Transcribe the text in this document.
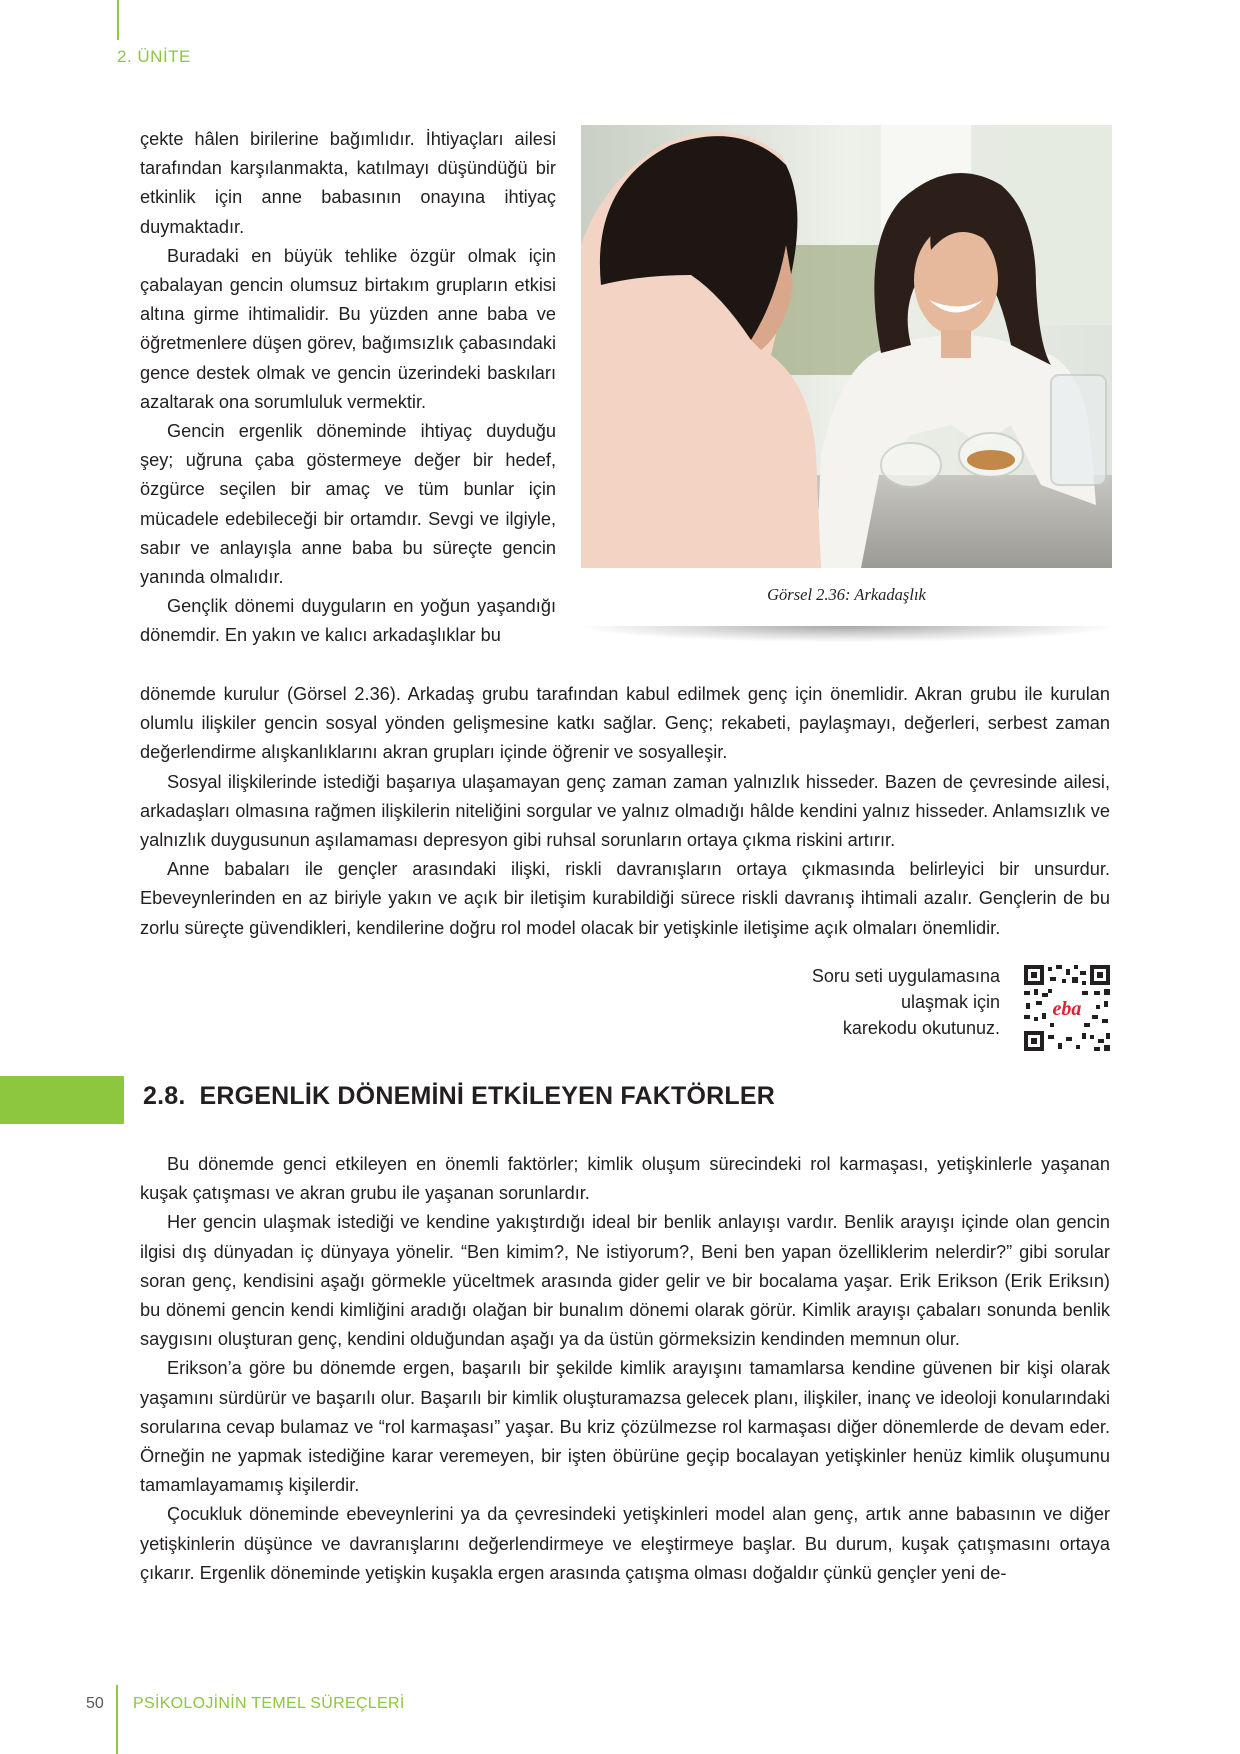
2. ÜNİTE

çekte hâlen birilerine bağımlıdır. İhtiyaçları ailesi tarafından karşılanmakta, katılmayı düşündüğü bir etkinlik için anne babasının onayına ihtiyaç duymaktadır.

Buradaki en büyük tehlike özgür olmak için çabalayan gencin olumsuz birtakım grupların etkisi altına girme ihtimalidir. Bu yüzden anne baba ve öğretmenlere düşen görev, bağımsızlık çabasındaki gence destek olmak ve gencin üzerindeki baskıları azaltarak ona sorumluluk vermektir.

Gencin ergenlik döneminde ihtiyaç duyduğu şey; uğruna çaba göstermeye değer bir hedef, özgürce seçilen bir amaç ve tüm bunlar için mücadele edebileceği bir ortamdır. Sevgi ve ilgiyle, sabır ve anlayışla anne baba bu süreçte gencin yanında olmalıdır.

Gençlik dönemi duyguların en yoğun yaşandığı dönemdir. En yakın ve kalıcı arkadaşlıklar bu

Görsel 2.36: Arkadaşlık

dönemde kurulur (Görsel 2.36). Arkadaş grubu tarafından kabul edilmek genç için önemlidir. Akran grubu ile kurulan olumlu ilişkiler gencin sosyal yönden gelişmesine katkı sağlar. Genç; rekabeti, paylaşmayı, değerleri, serbest zaman değerlendirme alışkanlıklarını akran grupları içinde öğrenir ve sosyalleşir.

Sosyal ilişkilerinde istediği başarıya ulaşamayan genç zaman zaman yalnızlık hisseder. Bazen de çevresinde ailesi, arkadaşları olmasına rağmen ilişkilerin niteliğini sorgular ve yalnız olmadığı hâlde kendini yalnız hisseder. Anlamsızlık ve yalnızlık duygusunun aşılamaması depresyon gibi ruhsal sorunların ortaya çıkma riskini artırır.

Anne babaları ile gençler arasındaki ilişki, riskli davranışların ortaya çıkmasında belirleyici bir unsurdur. Ebeveynlerinden en az biriyle yakın ve açık bir iletişim kurabildiği sürece riskli davranış ihtimali azalır. Gençlerin de bu zorlu süreçte güvendikleri, kendilerine doğru rol model olacak bir yetişkinle iletişime açık olmaları önemlidir.

Soru seti uygulamasına
ulaşmak için
karekodu okutunuz.
eba
2.8. ERGENLİK DÖNEMİNİ ETKİLEYEN FAKTÖRLER

Bu dönemde genci etkileyen en önemli faktörler; kimlik oluşum sürecindeki rol karmaşası, yetişkinlerle yaşanan kuşak çatışması ve akran grubu ile yaşanan sorunlardır.

Her gencin ulaşmak istediği ve kendine yakıştırdığı ideal bir benlik anlayışı vardır. Benlik arayışı içinde olan gencin ilgisi dış dünyadan iç dünyaya yönelir. “Ben kimim?, Ne istiyorum?, Beni ben yapan özelliklerim nelerdir?” gibi sorular soran genç, kendisini aşağı görmekle yüceltmek arasında gider gelir ve bir bocalama yaşar. Erik Erikson (Erik Eriksın) bu dönemi gencin kendi kimliğini aradığı olağan bir bunalım dönemi olarak görür. Kimlik arayışı çabaları sonunda benlik saygısını oluşturan genç, kendini olduğundan aşağı ya da üstün görmeksizin kendinden memnun olur.

Erikson’a göre bu dönemde ergen, başarılı bir şekilde kimlik arayışını tamamlarsa kendine güvenen bir kişi olarak yaşamını sürdürür ve başarılı olur. Başarılı bir kimlik oluşturamazsa gelecek planı, ilişkiler, inanç ve ideoloji konularındaki sorularına cevap bulamaz ve “rol karmaşası” yaşar. Bu kriz çözülmezse rol karmaşası diğer dönemlerde de devam eder. Örneğin ne yapmak istediğine karar veremeyen, bir işten öbürüne geçip bocalayan yetişkinler henüz kimlik oluşumunu tamamlayamamış kişilerdir.

Çocukluk döneminde ebeveynlerini ya da çevresindeki yetişkinleri model alan genç, artık anne babasının ve diğer yetişkinlerin düşünce ve davranışlarını değerlendirmeye ve eleştirmeye başlar. Bu durum, kuşak çatışmasını ortaya çıkarır. Ergenlik döneminde yetişkin kuşakla ergen arasında çatışma olması doğaldır çünkü gençler yeni de-

50 PSİKOLOJİNİN TEMEL SÜREÇLERİ
